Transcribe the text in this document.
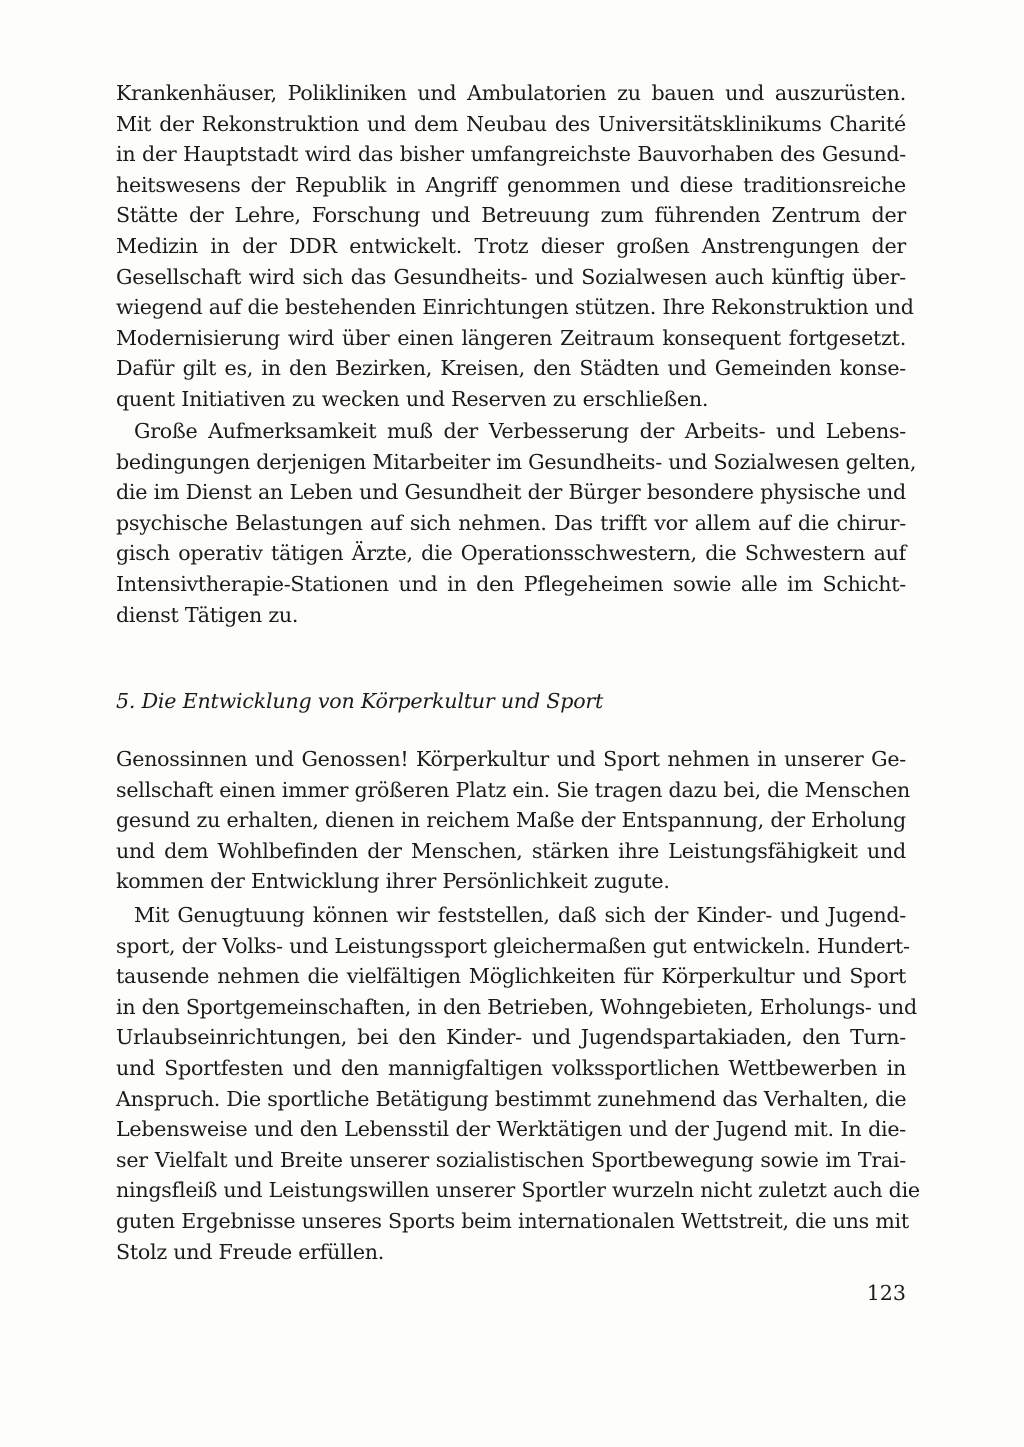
Krankenhäuser, Polikliniken und Ambulatorien zu bauen und auszurüsten.
Mit der Rekonstruktion und dem Neubau des Universitätsklinikums Charité
in der Hauptstadt wird das bisher umfangreichste Bauvorhaben des Gesund-
heitswesens der Republik in Angriff genommen und diese traditionsreiche
Stätte der Lehre, Forschung und Betreuung zum führenden Zentrum der
Medizin in der DDR entwickelt. Trotz dieser großen Anstrengungen der
Gesellschaft wird sich das Gesundheits- und Sozialwesen auch künftig über-
wiegend auf die bestehenden Einrichtungen stützen. Ihre Rekonstruktion und
Modernisierung wird über einen längeren Zeitraum konsequent fortgesetzt.
Dafür gilt es, in den Bezirken, Kreisen, den Städten und Gemeinden konse-
quent Initiativen zu wecken und Reserven zu erschließen.

Große Aufmerksamkeit muß der Verbesserung der Arbeits- und Lebens-
bedingungen derjenigen Mitarbeiter im Gesundheits- und Sozialwesen gelten,
die im Dienst an Leben und Gesundheit der Bürger besondere physische und
psychische Belastungen auf sich nehmen. Das trifft vor allem auf die chirur-
gisch operativ tätigen Ärzte, die Operationsschwestern, die Schwestern auf
Intensivtherapie-Stationen und in den Pflegeheimen sowie alle im Schicht-
dienst Tätigen zu.

5. Die Entwicklung von Körperkultur und Sport

Genossinnen und Genossen! Körperkultur und Sport nehmen in unserer Ge-
sellschaft einen immer größeren Platz ein. Sie tragen dazu bei, die Menschen
gesund zu erhalten, dienen in reichem Maße der Entspannung, der Erholung
und dem Wohlbefinden der Menschen, stärken ihre Leistungsfähigkeit und
kommen der Entwicklung ihrer Persönlichkeit zugute.

Mit Genugtuung können wir feststellen, daß sich der Kinder- und Jugend-
sport, der Volks- und Leistungssport gleichermaßen gut entwickeln. Hundert-
tausende nehmen die vielfältigen Möglichkeiten für Körperkultur und Sport
in den Sportgemeinschaften, in den Betrieben, Wohngebieten, Erholungs- und
Urlaubseinrichtungen, bei den Kinder- und Jugendspartakiaden, den Turn-
und Sportfesten und den mannigfaltigen volkssportlichen Wettbewerben in
Anspruch. Die sportliche Betätigung bestimmt zunehmend das Verhalten, die
Lebensweise und den Lebensstil der Werktätigen und der Jugend mit. In die-
ser Vielfalt und Breite unserer sozialistischen Sportbewegung sowie im Trai-
ningsfleiß und Leistungswillen unserer Sportler wurzeln nicht zuletzt auch die
guten Ergebnisse unseres Sports beim internationalen Wettstreit, die uns mit
Stolz und Freude erfüllen.

123
